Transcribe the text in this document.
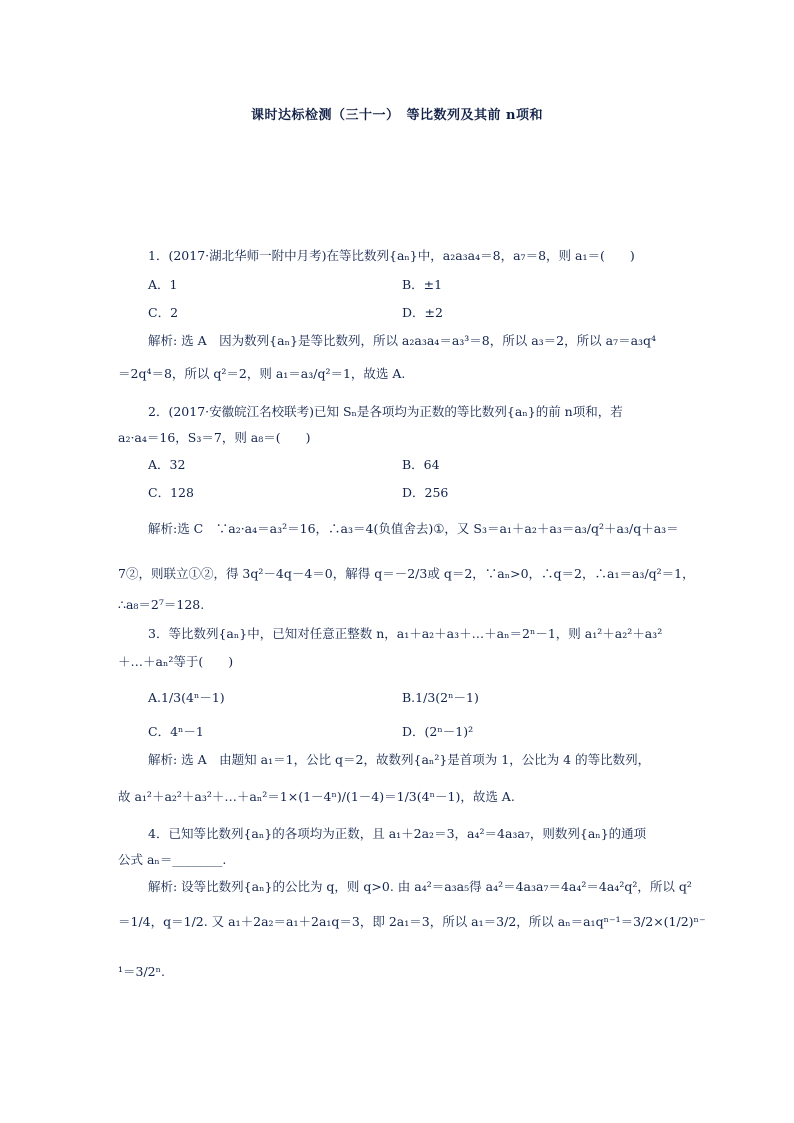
课时达标检测（三十一）　等比数列及其前 n项和
1．(2017·湖北华师一附中月考)在等比数列{aₙ}中，a₂a₃a₄＝8，a₇＝8，则 a₁＝(　　)
A．1	B．±1
C．2	D．±2
解析: 选 A　因为数列{aₙ}是等比数列，所以 a₂a₃a₄＝a₃³＝8，所以 a₃＝2，所以 a₇＝a₃q⁴
＝2q⁴＝8，所以 q²＝2，则 a₁＝a₃/q²＝1，故选 A.
2．(2017·安徽皖江名校联考)已知 Sₙ是各项均为正数的等比数列{aₙ}的前 n项和，若
a₂·a₄＝16，S₃＝7，则 a₈＝(　　)
A．32	B．64
C．128	D．256
解析:选 C　∵a₂·a₄＝a₃²＝16，∴a₃＝4(负值舍去)①，又 S₃＝a₁＋a₂＋a₃＝a₃/q²＋a₃/q＋a₃＝
7②，则联立①②，得 3q²－4q－4＝0，解得 q＝－2/3或 q＝2，∵aₙ>0，∴q＝2，∴a₁＝a₃/q²＝1，
∴a₈＝2⁷＝128.
3．等比数列{aₙ}中，已知对任意正整数 n，a₁＋a₂＋a₃＋…＋aₙ＝2ⁿ－1，则 a₁²＋a₂²＋a₃²
＋…＋aₙ²等于(　　)
A.1/3(4ⁿ－1)	B.1/3(2ⁿ－1)
C．4ⁿ－1	D．(2ⁿ－1)²
解析: 选 A　由题知 a₁＝1，公比 q＝2，故数列{aₙ²}是首项为 1，公比为 4 的等比数列，
故 a₁²＋a₂²＋a₃²＋…＋aₙ²＝1×(1－4ⁿ)/(1－4)＝1/3(4ⁿ－1)，故选 A.
4．已知等比数列{aₙ}的各项均为正数，且 a₁＋2a₂＝3，a₄²＝4a₃a₇，则数列{aₙ}的通项
公式 aₙ＝________.
解析: 设等比数列{aₙ}的公比为 q，则 q>0. 由 a₄²＝a₃a₅得 a₄²＝4a₃a₇＝4a₄²＝4a₄²q²，所以 q²
＝1/4，q＝1/2. 又 a₁＋2a₂＝a₁＋2a₁q＝3，即 2a₁＝3，所以 a₁＝3/2，所以 aₙ＝a₁qⁿ⁻¹＝3/2×(1/2)ⁿ⁻
¹＝3/2ⁿ.
